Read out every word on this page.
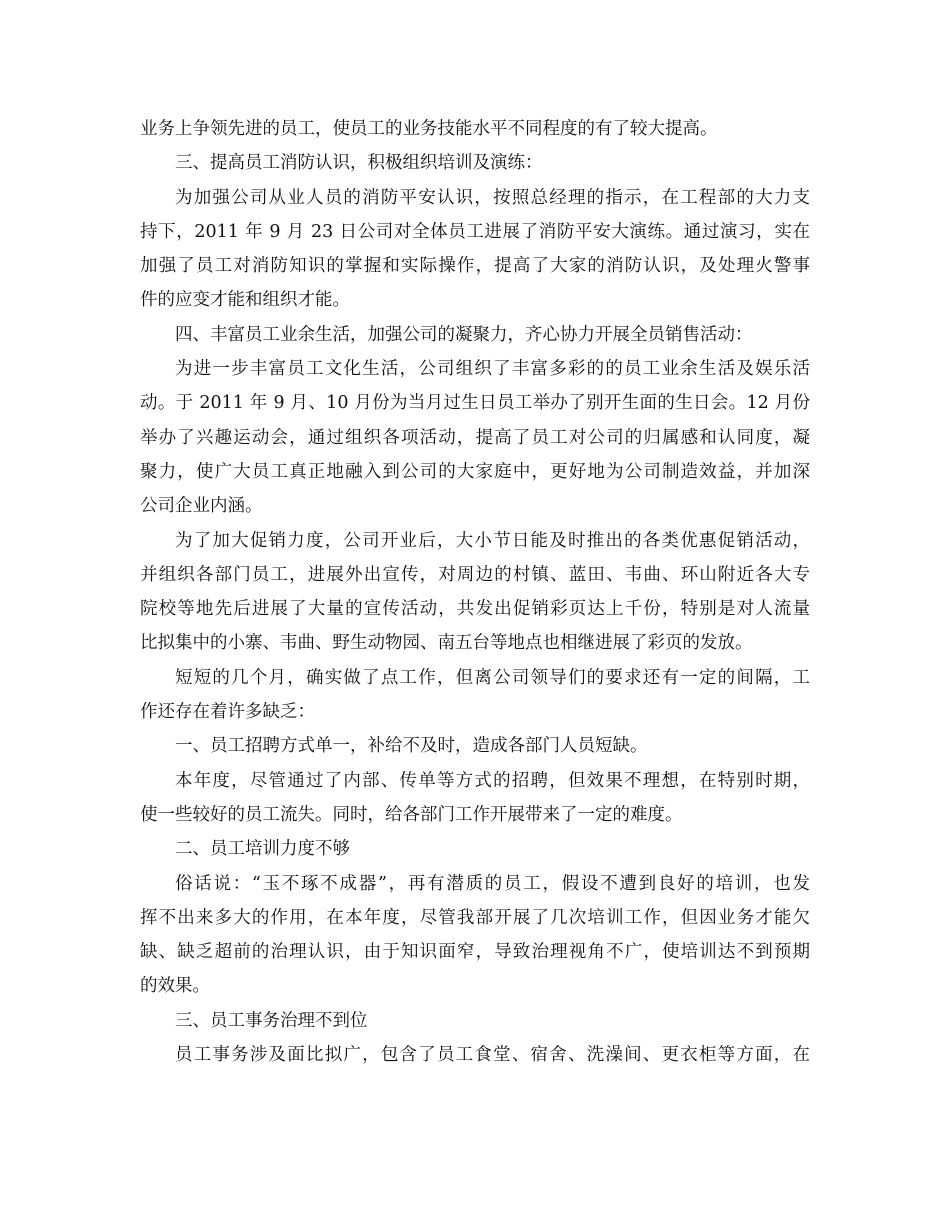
业务上争领先进的员工，使员工的业务技能水平不同程度的有了较大提高。
三、提高员工消防认识，积极组织培训及演练：
为加强公司从业人员的消防平安认识，按照总经理的指示，在工程部的大力支
持下，2011 年 9 月 23 日公司对全体员工进展了消防平安大演练。通过演习，实在
加强了员工对消防知识的掌握和实际操作，提高了大家的消防认识，及处理火警事
件的应变才能和组织才能。
四、丰富员工业余生活，加强公司的凝聚力，齐心协力开展全员销售活动：
为进一步丰富员工文化生活，公司组织了丰富多彩的的员工业余生活及娱乐活
动。于 2011 年 9 月、10 月份为当月过生日员工举办了别开生面的生日会。12 月份
举办了兴趣运动会，通过组织各项活动，提高了员工对公司的归属感和认同度，凝
聚力，使广大员工真正地融入到公司的大家庭中，更好地为公司制造效益，并加深
公司企业内涵。
为了加大促销力度，公司开业后，大小节日能及时推出的各类优惠促销活动，
并组织各部门员工，进展外出宣传，对周边的村镇、蓝田、韦曲、环山附近各大专
院校等地先后进展了大量的宣传活动，共发出促销彩页达上千份，特别是对人流量
比拟集中的小寨、韦曲、野生动物园、南五台等地点也相继进展了彩页的发放。
短短的几个月，确实做了点工作，但离公司领导们的要求还有一定的间隔，工
作还存在着许多缺乏：
一、员工招聘方式单一，补给不及时，造成各部门人员短缺。
本年度，尽管通过了内部、传单等方式的招聘，但效果不理想，在特别时期，
使一些较好的员工流失。同时，给各部门工作开展带来了一定的难度。
二、员工培训力度不够
俗话说：“玉不琢不成器”，再有潜质的员工，假设不遭到良好的培训，也发
挥不出来多大的作用，在本年度，尽管我部开展了几次培训工作，但因业务才能欠
缺、缺乏超前的治理认识，由于知识面窄，导致治理视角不广，使培训达不到预期
的效果。
三、员工事务治理不到位
员工事务涉及面比拟广，包含了员工食堂、宿舍、洗澡间、更衣柜等方面，在
